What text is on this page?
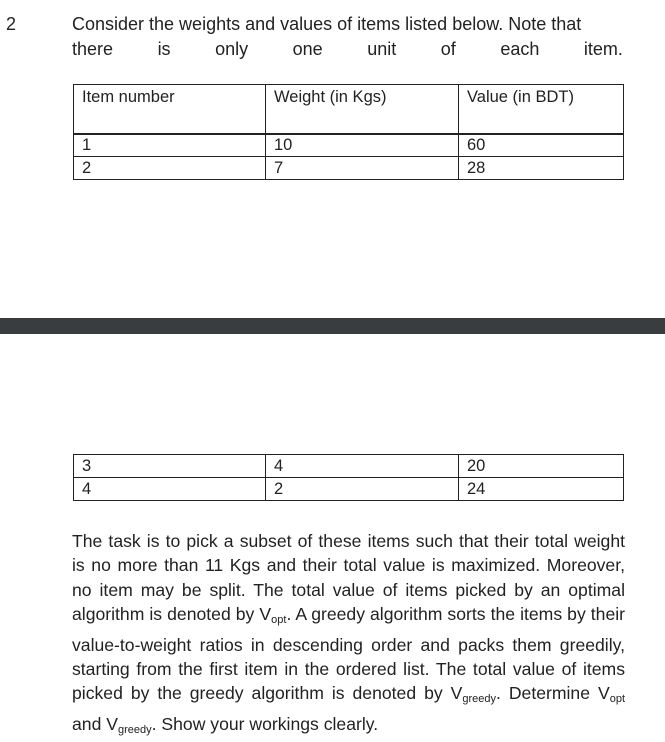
2	Consider the weights and values of items listed below. Note that
there is only one unit of each item.
Item number	Weight (in Kgs)	Value (in BDT)
1	10	60
2	7	28
3	4	20
4	2	24
The task is to pick a subset of these items such that their total weight is no more than 11 Kgs and their total value is maximized. Moreover, no item may be split. The total value of items picked by an optimal algorithm is denoted by $V_{opt}$. A greedy algorithm sorts the items by their value-to-weight ratios in descending order and packs them greedily, starting from the first item in the ordered list. The total value of items picked by the greedy algorithm is denoted by $V_{greedy}$. Determine $V_{opt}$ and $V_{greedy}$. Show your workings clearly.
